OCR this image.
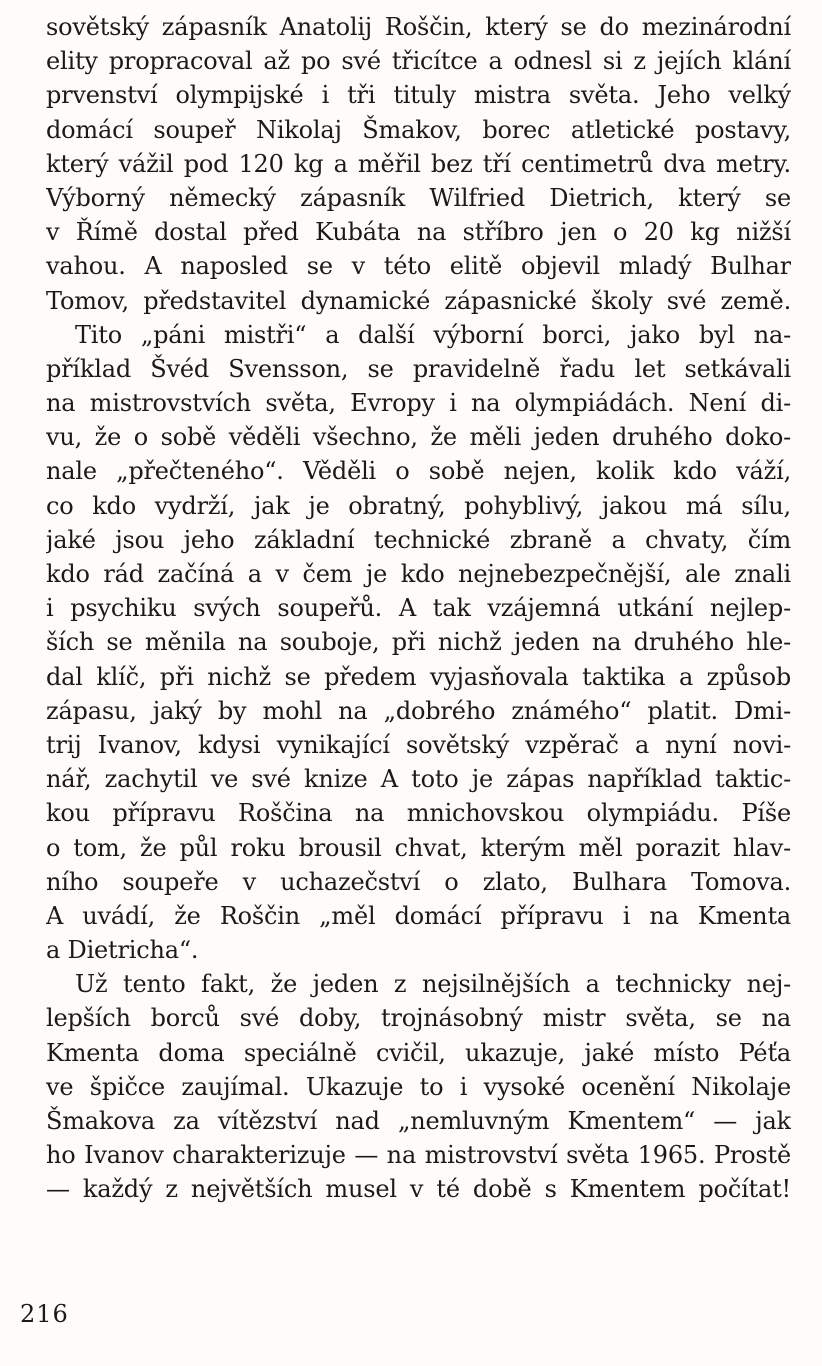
sovětský zápasník Anatolij Roščin, který se do mezinárodní
elity propracoval až po své třicítce a odnesl si z jejích klání
prvenství olympijské i tři tituly mistra světa. Jeho velký
domácí soupeř Nikolaj Šmakov, borec atletické postavy,
který vážil pod 120 kg a měřil bez tří centimetrů dva metry.
Výborný německý zápasník Wilfried Dietrich, který se
v Římě dostal před Kubáta na stříbro jen o 20 kg nižší
vahou. A naposled se v této elitě objevil mladý Bulhar
Tomov, představitel dynamické zápasnické školy své země.
Tito „páni mistři“ a další výborní borci, jako byl na-
příklad Švéd Svensson, se pravidelně řadu let setkávali
na mistrovstvích světa, Evropy i na olympiádách. Není di-
vu, že o sobě věděli všechno, že měli jeden druhého doko-
nale „přečteného“. Věděli o sobě nejen, kolik kdo váží,
co kdo vydrží, jak je obratný, pohyblivý, jakou má sílu,
jaké jsou jeho základní technické zbraně a chvaty, čím
kdo rád začíná a v čem je kdo nejnebezpečnější, ale znali
i psychiku svých soupeřů. A tak vzájemná utkání nejlep-
ších se měnila na souboje, při nichž jeden na druhého hle-
dal klíč, při nichž se předem vyjasňovala taktika a způsob
zápasu, jaký by mohl na „dobrého známého“ platit. Dmi-
trij Ivanov, kdysi vynikající sovětský vzpěrač a nyní novi-
nář, zachytil ve své knize A toto je zápas například taktic-
kou přípravu Roščina na mnichovskou olympiádu. Píše
o tom, že půl roku brousil chvat, kterým měl porazit hlav-
ního soupeře v uchazečství o zlato, Bulhara Tomova.
A uvádí, že Roščin „měl domácí přípravu i na Kmenta
a Dietricha“.
Už tento fakt, že jeden z nejsilnějších a technicky nej-
lepších borců své doby, trojnásobný mistr světa, se na
Kmenta doma speciálně cvičil, ukazuje, jaké místo Péťa
ve špičce zaujímal. Ukazuje to i vysoké ocenění Nikolaje
Šmakova za vítězství nad „nemluvným Kmentem“ — jak
ho Ivanov charakterizuje — na mistrovství světa 1965. Prostě
— každý z největších musel v té době s Kmentem počítat!
216
